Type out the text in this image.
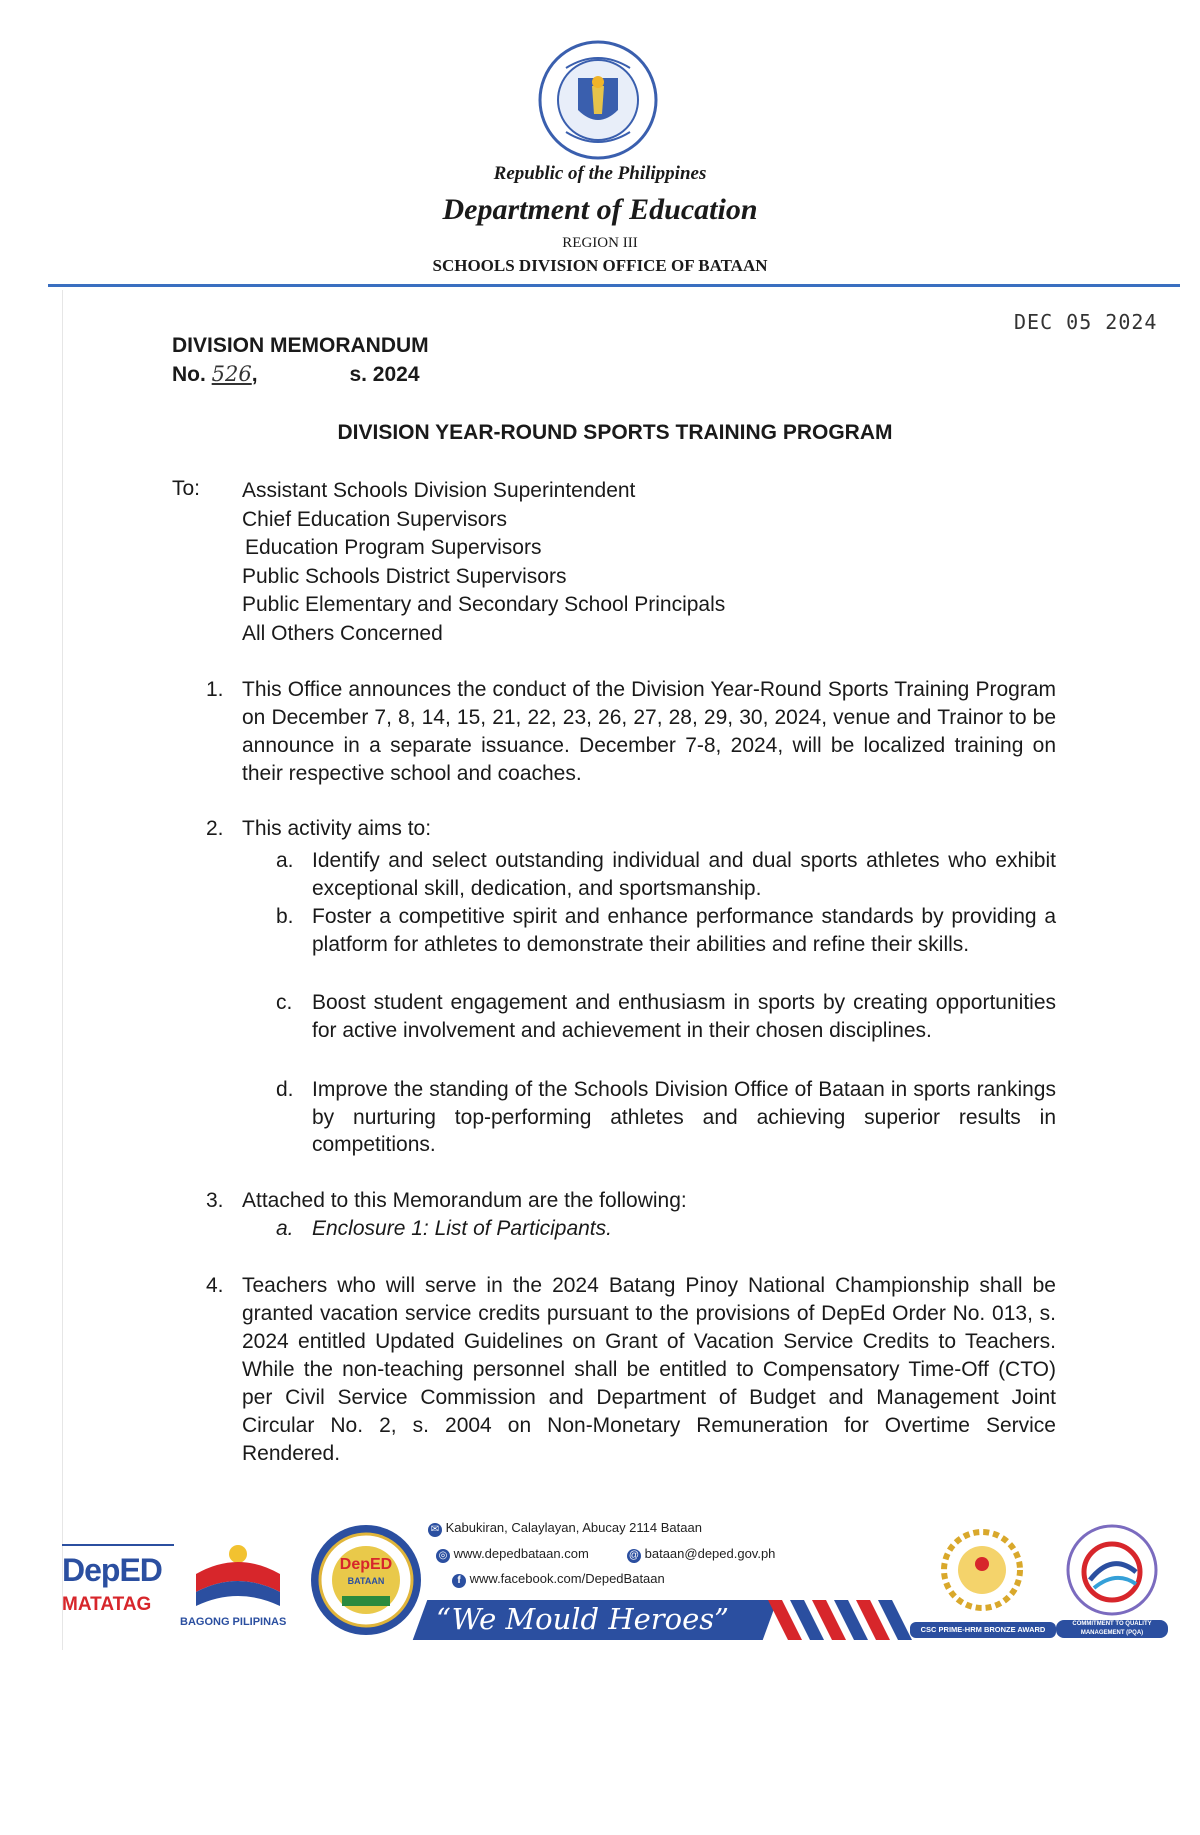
Republic of the Philippines
Department of Education
REGION III
SCHOOLS DIVISION OFFICE OF BATAAN
DEC 05 2024
DIVISION MEMORANDUM
No. 526,	s. 2024
DIVISION YEAR-ROUND SPORTS TRAINING PROGRAM
To: Assistant Schools Division Superintendent
Chief Education Supervisors
Education Program Supervisors
Public Schools District Supervisors
Public Elementary and Secondary School Principals
All Others Concerned
1. This Office announces the conduct of the Division Year-Round Sports Training Program on December 7, 8, 14, 15, 21, 22, 23, 26, 27, 28, 29, 30, 2024, venue and Trainor to be announce in a separate issuance. December 7-8, 2024, will be localized training on their respective school and coaches.
2. This activity aims to:
a. Identify and select outstanding individual and dual sports athletes who exhibit exceptional skill, dedication, and sportsmanship.
b. Foster a competitive spirit and enhance performance standards by providing a platform for athletes to demonstrate their abilities and refine their skills.
c. Boost student engagement and enthusiasm in sports by creating opportunities for active involvement and achievement in their chosen disciplines.
d. Improve the standing of the Schools Division Office of Bataan in sports rankings by nurturing top-performing athletes and achieving superior results in competitions.
3. Attached to this Memorandum are the following:
a. Enclosure 1: List of Participants.
4. Teachers who will serve in the 2024 Batang Pinoy National Championship shall be granted vacation service credits pursuant to the provisions of DepEd Order No. 013, s. 2024 entitled Updated Guidelines on Grant of Vacation Service Credits to Teachers. While the non-teaching personnel shall be entitled to Compensatory Time-Off (CTO) per Civil Service Commission and Department of Budget and Management Joint Circular No. 2, s. 2004 on Non-Monetary Remuneration for Overtime Service Rendered.
DepED
MATATAG
BAGONG PILIPINAS
DepED
BATAAN
✉ Kabukiran, Calaylayan, Abucay 2114 Bataan
◎ www.depedbataan.com	@ bataan@deped.gov.ph
f www.facebook.com/DepedBataan
“We Mould Heroes”	CSC PRIME-HRM BRONZE AWARD
COMMITMENT TO QUALITY MANAGEMENT (PQA)
